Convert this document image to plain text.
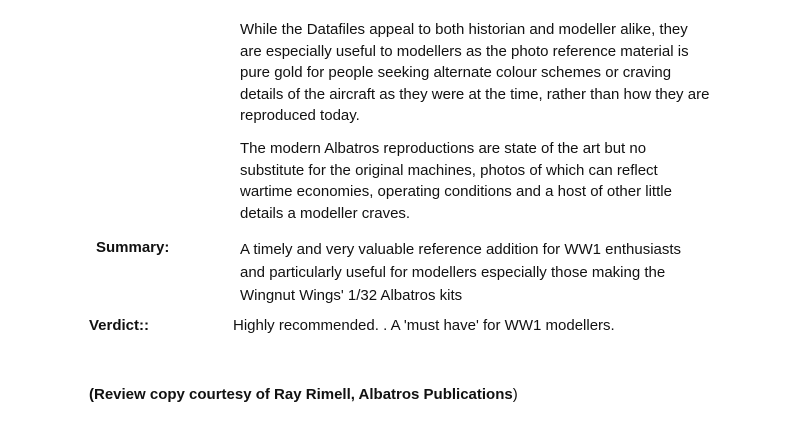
While the Datafiles appeal to both historian and modeller alike, they are especially useful to modellers as the photo reference material is pure gold for people seeking alternate colour schemes or craving details of the aircraft as they were at the time, rather than how they are reproduced today.

The modern Albatros reproductions are state of the art but no substitute for the original machines, photos of which can reflect wartime economies, operating conditions and a host of other little details a modeller craves.

Summary:	A timely and very valuable reference addition for WW1 enthusiasts and particularly useful for modellers especially those making the Wingnut Wings' 1/32 Albatros kits
Verdict::	Highly recommended. . A 'must have' for WW1 modellers.
(Review copy courtesy of Ray Rimell, Albatros Publications)
